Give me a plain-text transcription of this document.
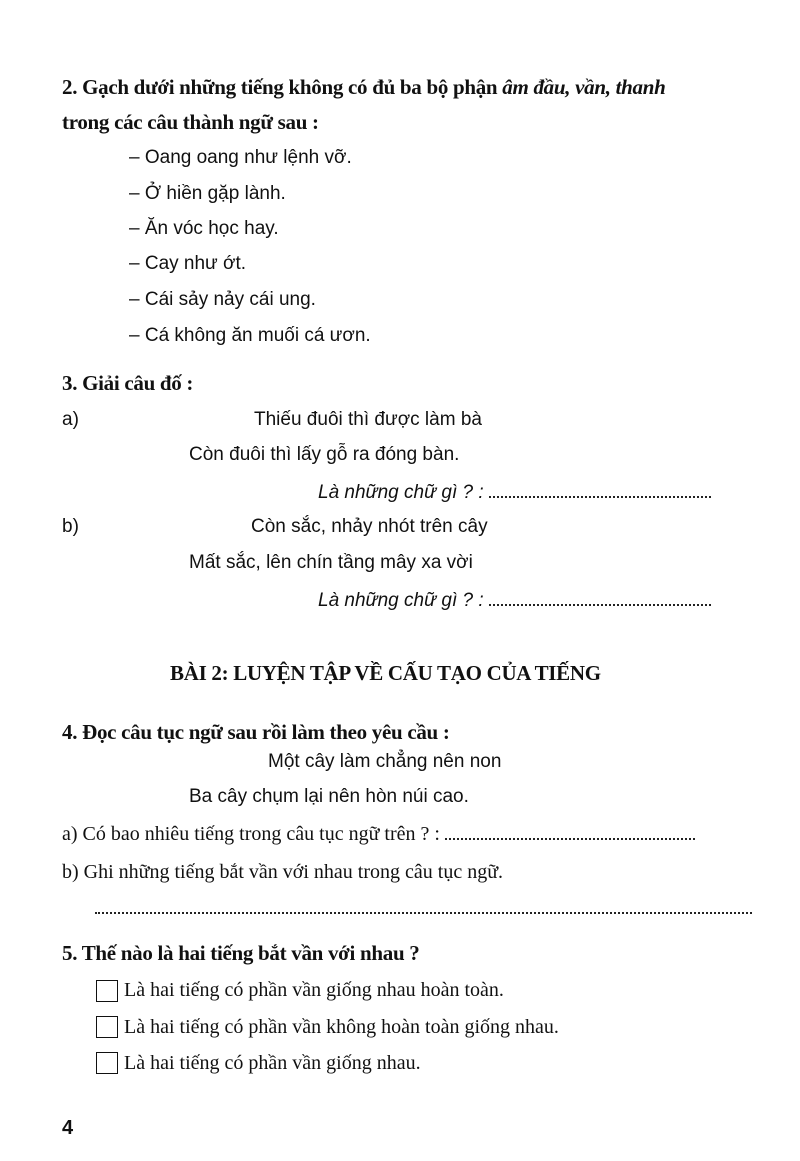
2. Gạch dưới những tiếng không có đủ ba bộ phận âm đầu, vần, thanh
trong các câu thành ngữ sau :
– Oang oang như lệnh vỡ.
– Ở hiền gặp lành.
– Ăn vóc học hay.
– Cay như ớt.
– Cái sảy nảy cái ung.
– Cá không ăn muối cá ươn.
3. Giải câu đố :
a)	Thiếu đuôi thì được làm bà
Còn đuôi thì lấy gỗ ra đóng bàn.
Là những chữ gì ? :
b)	Còn sắc, nhảy nhót trên cây
Mất sắc, lên chín tầng mây xa vời
Là những chữ gì ? :
BÀI 2: LUYỆN TẬP VỀ CẤU TẠO CỦA TIẾNG
4. Đọc câu tục ngữ sau rồi làm theo yêu cầu :
Một cây làm chẳng nên non
Ba cây chụm lại nên hòn núi cao.
a) Có bao nhiêu tiếng trong câu tục ngữ trên ? :
b) Ghi những tiếng bắt vần với nhau trong câu tục ngữ.
5. Thế nào là hai tiếng bắt vần với nhau ?
Là hai tiếng có phần vần giống nhau hoàn toàn.
Là hai tiếng có phần vần không hoàn toàn giống nhau.
Là hai tiếng có phần vần giống nhau.
4
